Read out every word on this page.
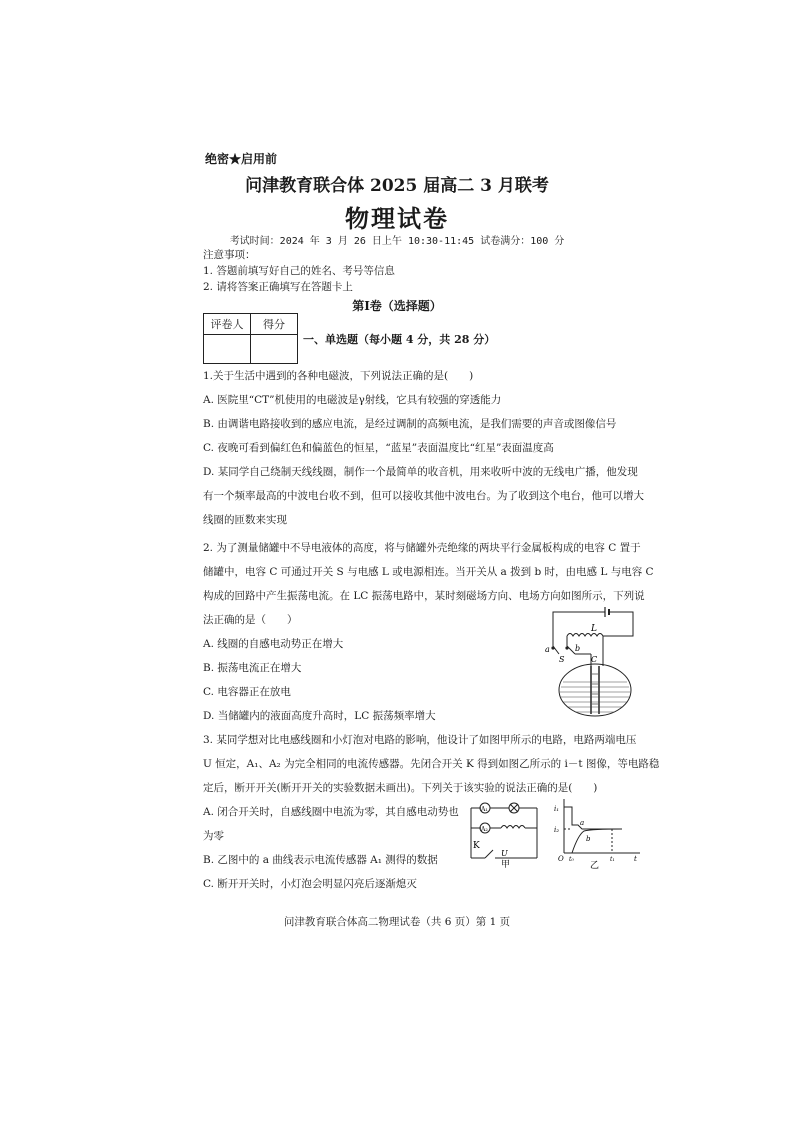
绝密★启用前
问津教育联合体 2025 届高二 3 月联考
物理试卷
考试时间：2024 年 3 月 26 日上午 10:30-11:45 试卷满分：100 分
注意事项：
1. 答题前填写好自己的姓名、考号等信息
2. 请将答案正确填写在答题卡上
第Ⅰ卷（选择题）
评卷人	得分

一、单选题（每小题 4 分，共 28 分）
1.关于生活中遇到的各种电磁波，下列说法正确的是(　　)
A. 医院里“CT”机使用的电磁波是γ射线，它具有较强的穿透能力
B. 由调谐电路接收到的感应电流，是经过调制的高频电流，是我们需要的声音或图像信号
C. 夜晚可看到偏红色和偏蓝色的恒星，“蓝星”表面温度比“红星”表面温度高
D. 某同学自己绕制天线线圈，制作一个最简单的收音机，用来收听中波的无线电广播，他发现
有一个频率最高的中波电台收不到，但可以接收其他中波电台。为了收到这个电台，他可以增大
线圈的匝数来实现
2. 为了测量储罐中不导电液体的高度，将与储罐外壳绝缘的两块平行金属板构成的电容 C 置于
储罐中，电容 C 可通过开关 S 与电感 L 或电源相连。当开关从 a 拨到 b 时，由电感 L 与电容 C
构成的回路中产生振荡电流。在 LC 振荡电路中，某时刻磁场方向、电场方向如图所示，下列说
法正确的是（　　）
A. 线圈的自感电动势正在增大
B. 振荡电流正在增大
C. 电容器正在放电
D. 当储罐内的液面高度升高时，LC 振荡频率增大
L
a
S
b
C
3. 某同学想对比电感线圈和小灯泡对电路的影响，他设计了如图甲所示的电路，电路两端电压
U 恒定，A₁、A₂ 为完全相同的电流传感器。先闭合开关 K 得到如图乙所示的 i－t 图像，等电路稳
定后，断开开关(断开开关的实验数据未画出)。下列关于该实验的说法正确的是(　　)
A. 闭合开关时，自感线圈中电流为零，其自感电动势也
为零
B. 乙图中的 a 曲线表示电流传感器 A₁ 测得的数据
C. 断开开关时，小灯泡会明显闪亮后逐渐熄灭
A₁
A₂
K
U
甲
i₁
i₂
a
b
O t₀	t₁	t
乙
问津教育联合体高二物理试卷（共 6 页）第 1 页
